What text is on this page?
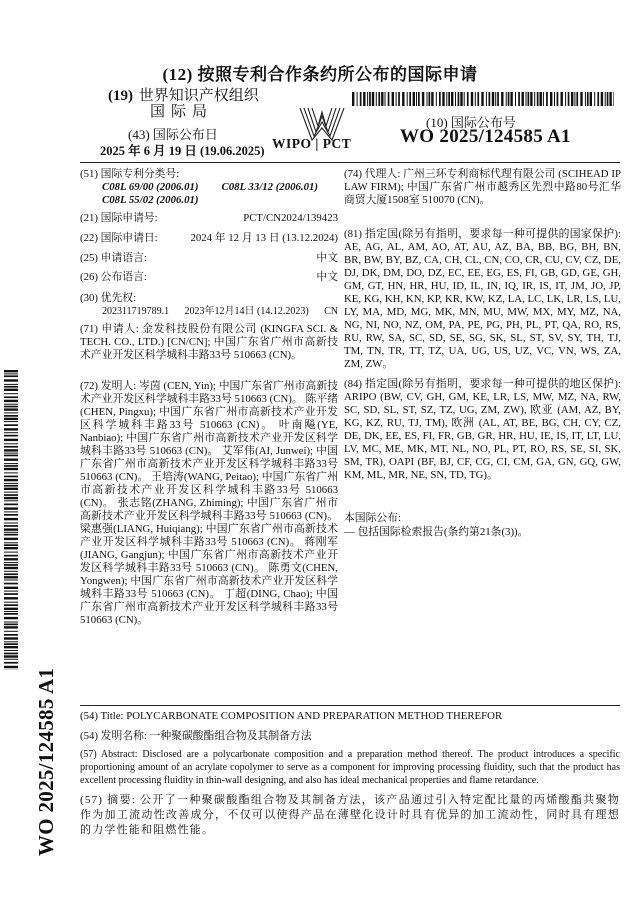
(12) 按照专利合作条约所公布的国际申请
(19) 世界知识产权组织
国际局
(43) 国际公布日
2025 年 6 月 19 日 (19.06.2025) WIPO | PCT
(10) 国际公布号
WO 2025/124585 A1
(51) 国际专利分类号:
C08L 69/00 (2006.01) C08L 33/12 (2006.01)
C08L 55/02 (2006.01)
(21) 国际申请号:	PCT/CN2024/139423
(22) 国际申请日:	2024 年 12 月 13 日 (13.12.2024)
(25) 申请语言:	中文
(26) 公布语言:	中文
(30) 优先权:
202311719789.1 2023年12月14日 (14.12.2023) CN
(71) 申请人: 金发科技股份有限公司 (KINGFA SCI. & TECH. CO., LTD.) [CN/CN]; 中国广东省广州市高新技术产业开发区科学城科丰路33号 510663 (CN)。
(72) 发明人: 岑茵 (CEN, Yin); 中国广东省广州市高新技术产业开发区科学城科丰路33号 510663 (CN)。 陈平绪(CHEN, Pingxu); 中国广东省广州市高新技术产业开发区科学城科丰路33号 510663 (CN)。 叶南飚(YE, Nanbiao); 中国广东省广州市高新技术产业开发区科学城科丰路33号 510663 (CN)。 艾军伟(AI, Junwei); 中国广东省广州市高新技术产业开发区科学城科丰路33号 510663 (CN)。 王培涛(WANG, Peitao); 中国广东省广州市高新技术产业开发区科学城科丰路33号 510663 (CN)。 张志铭(ZHANG, Zhiming); 中国广东省广州市高新技术产业开发区科学城科丰路33号 510663 (CN)。 梁惠强(LIANG, Huiqiang); 中国广东省广州市高新技术产业开发区科学城科丰路33号 510663 (CN)。 蒋刚军(JIANG, Gangjun); 中国广东省广州市高新技术产业开发区科学城科丰路33号 510663 (CN)。 陈勇文(CHEN, Yongwen); 中国广东省广州市高新技术产业开发区科学城科丰路33号 510663 (CN)。 丁超(DING, Chao); 中国广东省广州市高新技术产业开发区科学城科丰路33号 510663 (CN)。
(74) 代理人: 广州三环专利商标代理有限公司 (SCIHEAD IP LAW FIRM); 中国广东省广州市越秀区先烈中路80号汇华商贸大厦1508室 510070 (CN)。
(81) 指定国(除另有指明，要求每一种可提供的国家保护): AE, AG, AL, AM, AO, AT, AU, AZ, BA, BB, BG, BH, BN, BR, BW, BY, BZ, CA, CH, CL, CN, CO, CR, CU, CV, CZ, DE, DJ, DK, DM, DO, DZ, EC, EE, EG, ES, FI, GB, GD, GE, GH, GM, GT, HN, HR, HU, ID, IL, IN, IQ, IR, IS, IT, JM, JO, JP, KE, KG, KH, KN, KP, KR, KW, KZ, LA, LC, LK, LR, LS, LU, LY, MA, MD, MG, MK, MN, MU, MW, MX, MY, MZ, NA, NG, NI, NO, NZ, OM, PA, PE, PG, PH, PL, PT, QA, RO, RS, RU, RW, SA, SC, SD, SE, SG, SK, SL, ST, SV, SY, TH, TJ, TM, TN, TR, TT, TZ, UA, UG, US, UZ, VC, VN, WS, ZA, ZM, ZW。
(84) 指定国(除另有指明，要求每一种可提供的地区保护): ARIPO (BW, CV, GH, GM, KE, LR, LS, MW, MZ, NA, RW, SC, SD, SL, ST, SZ, TZ, UG, ZM, ZW), 欧亚 (AM, AZ, BY, KG, KZ, RU, TJ, TM), 欧洲 (AL, AT, BE, BG, CH, CY, CZ, DE, DK, EE, ES, FI, FR, GB, GR, HR, HU, IE, IS, IT, LT, LU, LV, MC, ME, MK, MT, NL, NO, PL, PT, RO, RS, SE, SI, SK, SM, TR), OAPI (BF, BJ, CF, CG, CI, CM, GA, GN, GQ, GW, KM, ML, MR, NE, SN, TD, TG)。
本国际公布:
— 包括国际检索报告(条约第21条(3))。
WO 2025/124585 A1 (54) Title: POLYCARBONATE COMPOSITION AND PREPARATION METHOD THEREFOR
(54) 发明名称: 一种聚碳酸酯组合物及其制备方法
(57) Abstract: Disclosed are a polycarbonate composition and a preparation method thereof. The product introduces a specific proportioning amount of an acrylate copolymer to serve as a component for improving processing fluidity, such that the product has excellent processing fluidity in thin-wall designing, and also has ideal mechanical properties and flame retardance.
(57) 摘要: 公开了一种聚碳酸酯组合物及其制备方法，该产品通过引入特定配比量的丙烯酸酯共聚物作为加工流动性改善成分，不仅可以使得产品在薄壁化设计时具有优异的加工流动性，同时具有理想的力学性能和阻燃性能。
